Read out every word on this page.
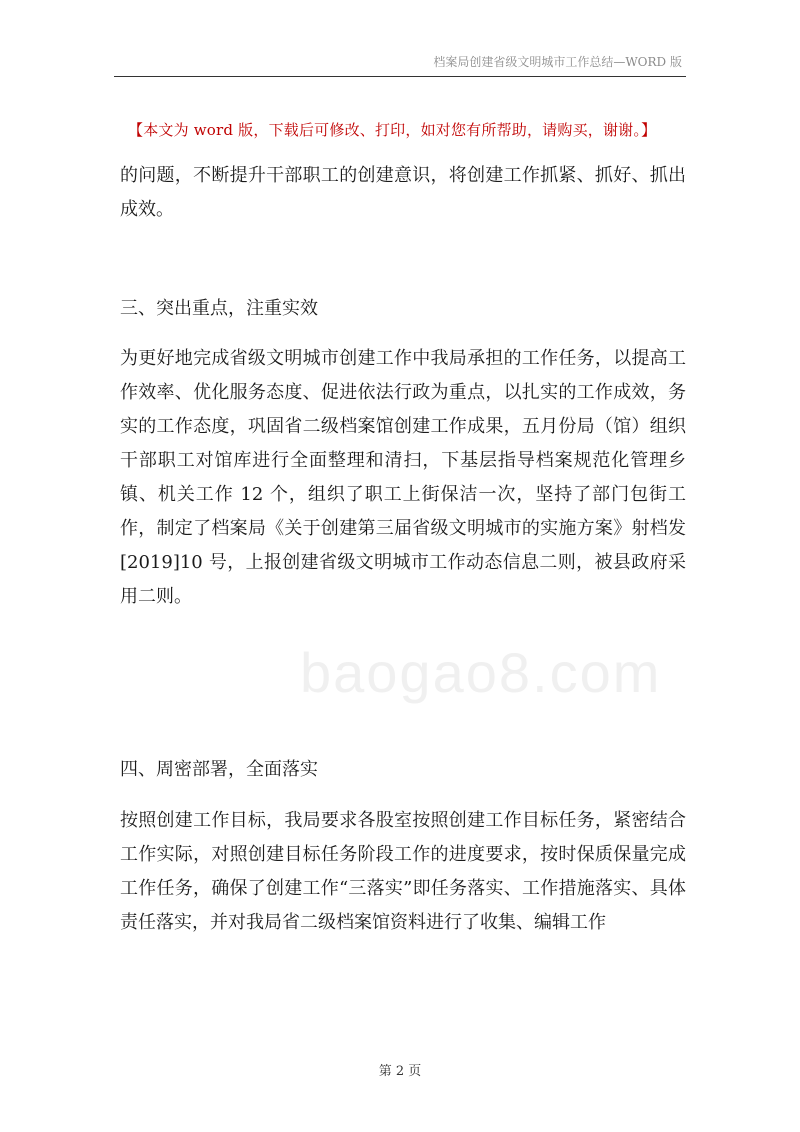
档案局创建省级文明城市工作总结—WORD 版
【本文为 word 版，下载后可修改、打印，如对您有所帮助，请购买，谢谢。】
baogao8.com

的问题，不断提升干部职工的创建意识，将创建工作抓紧、抓好、抓出成效。

三、突出重点，注重实效

为更好地完成省级文明城市创建工作中我局承担的工作任务，以提高工作效率、优化服务态度、促进依法行政为重点，以扎实的工作成效，务实的工作态度，巩固省二级档案馆创建工作成果，五月份局（馆）组织干部职工对馆库进行全面整理和清扫，下基层指导档案规范化管理乡镇、机关工作 12 个，组织了职工上街保洁一次，坚持了部门包街工作，制定了档案局《关于创建第三届省级文明城市的实施方案》射档发[2019]10 号，上报创建省级文明城市工作动态信息二则，被县政府采用二则。

四、周密部署，全面落实

按照创建工作目标，我局要求各股室按照创建工作目标任务，紧密结合工作实际，对照创建目标任务阶段工作的进度要求，按时保质保量完成工作任务，确保了创建工作“三落实”即任务落实、工作措施落实、具体责任落实，并对我局省二级档案馆资料进行了收集、编辑工作

第 2 页
